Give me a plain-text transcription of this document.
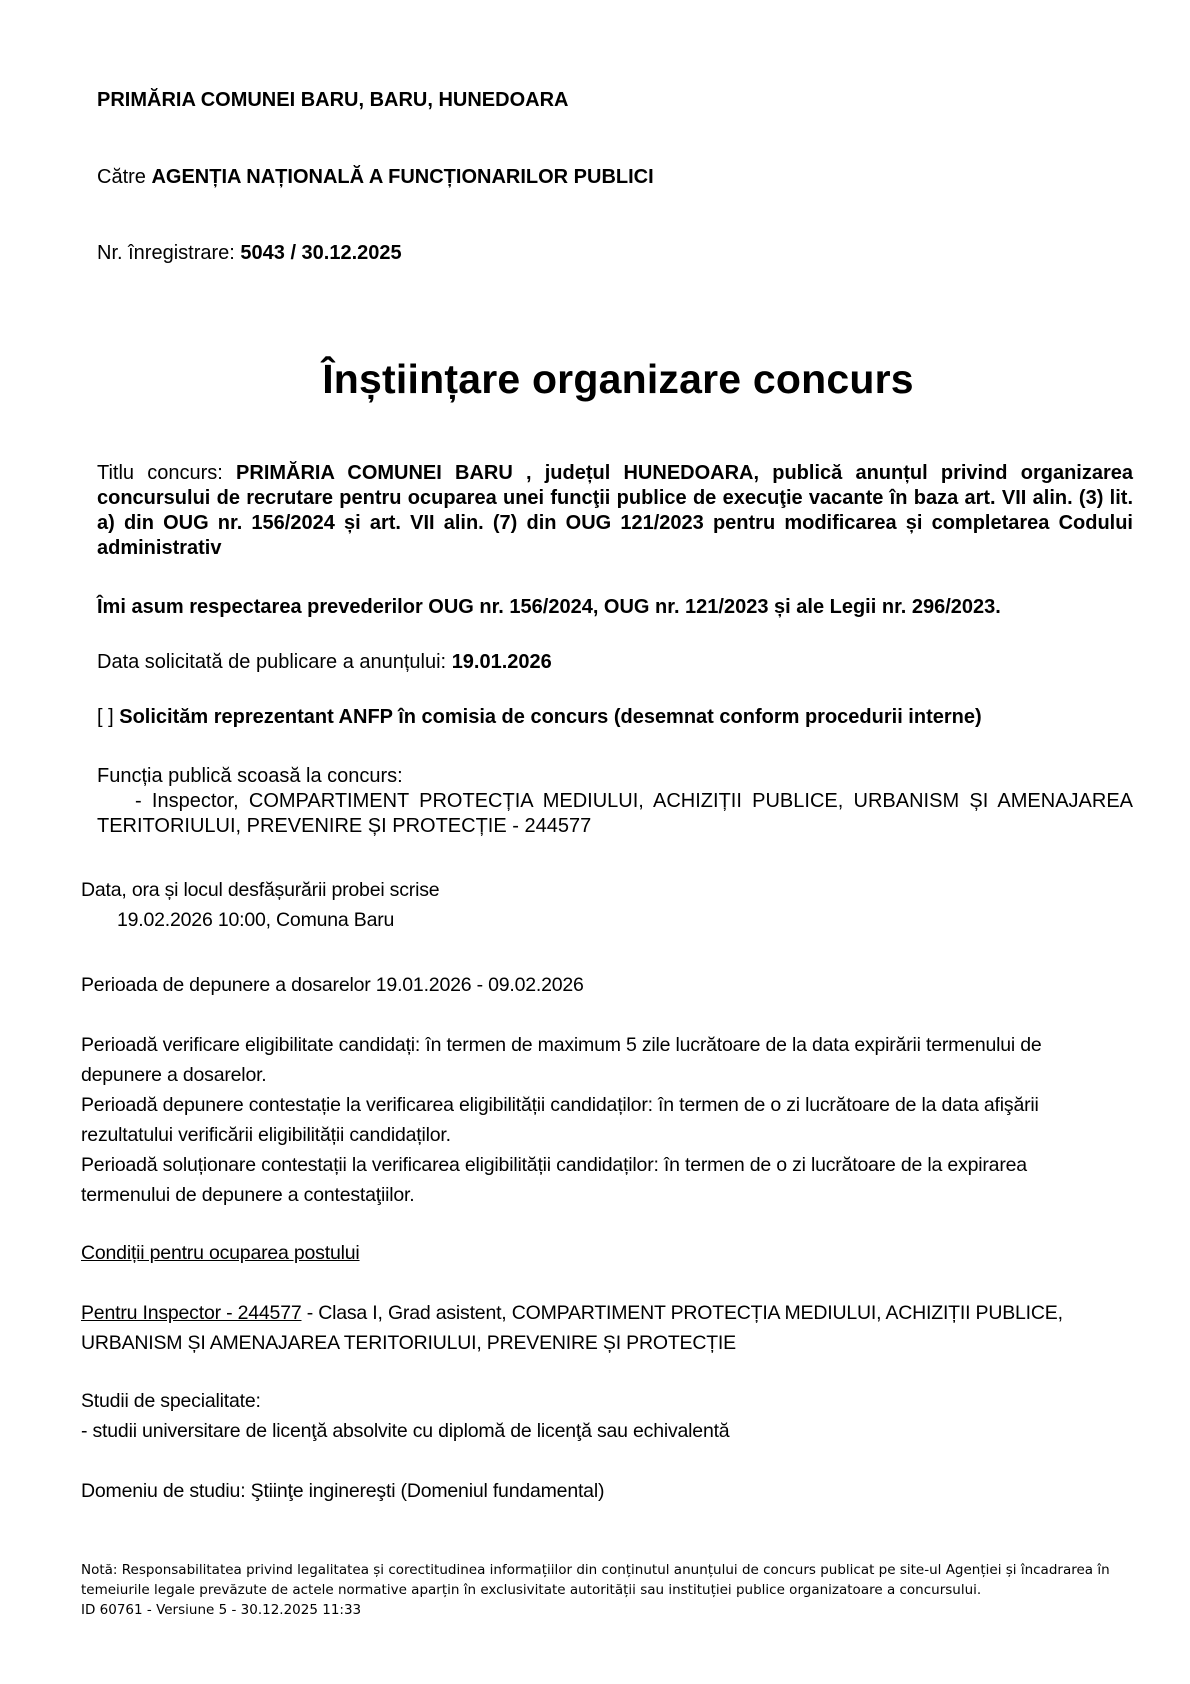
PRIMĂRIA COMUNEI BARU, BARU, HUNEDOARA
Către AGENȚIA NAȚIONALĂ A FUNCȚIONARILOR PUBLICI
Nr. înregistrare: 5043 / 30.12.2025
Înștiințare organizare concurs
Titlu concurs: PRIMĂRIA COMUNEI BARU , județul HUNEDOARA, publică anunțul privind organizarea concursului de recrutare pentru ocuparea unei funcţii publice de execuţie vacante în baza art. VII alin. (3) lit. a) din OUG nr. 156/2024 și art. VII alin. (7) din OUG 121/2023 pentru modificarea și completarea Codului administrativ
Îmi asum respectarea prevederilor OUG nr. 156/2024, OUG nr. 121/2023 și ale Legii nr. 296/2023.
Data solicitată de publicare a anunțului: 19.01.2026
[ ] Solicităm reprezentant ANFP în comisia de concurs (desemnat conform procedurii interne)
Funcția publică scoasă la concurs:
- Inspector, COMPARTIMENT PROTECȚIA MEDIULUI, ACHIZIȚII PUBLICE, URBANISM ȘI AMENAJAREA TERITORIULUI, PREVENIRE ȘI PROTECȚIE - 244577
Data, ora și locul desfășurării probei scrise
19.02.2026 10:00, Comuna Baru
Perioada de depunere a dosarelor 19.01.2026 - 09.02.2026
Perioadă verificare eligibilitate candidați: în termen de maximum 5 zile lucrătoare de la data expirării termenului de depunere a dosarelor.
Perioadă depunere contestație la verificarea eligibilității candidaților: în termen de o zi lucrătoare de la data afişării rezultatului verificării eligibilității candidaților.
Perioadă soluționare contestații la verificarea eligibilității candidaților: în termen de o zi lucrătoare de la expirarea termenului de depunere a contestaţiilor.
Condiții pentru ocuparea postului
Pentru Inspector - 244577 - Clasa I, Grad asistent, COMPARTIMENT PROTECȚIA MEDIULUI, ACHIZIȚII PUBLICE, URBANISM ȘI AMENAJAREA TERITORIULUI, PREVENIRE ȘI PROTECȚIE
Studii de specialitate:
- studii universitare de licenţă absolvite cu diplomă de licenţă sau echivalentă
Domeniu de studiu: Ştiinţe inginereşti (Domeniul fundamental)
Notă: Responsabilitatea privind legalitatea și corectitudinea informațiilor din conținutul anunțului de concurs publicat pe site-ul Agenției și încadrarea în temeiurile legale prevăzute de actele normative aparțin în exclusivitate autorității sau instituției publice organizatoare a concursului.
ID 60761 - Versiune 5 - 30.12.2025 11:33
